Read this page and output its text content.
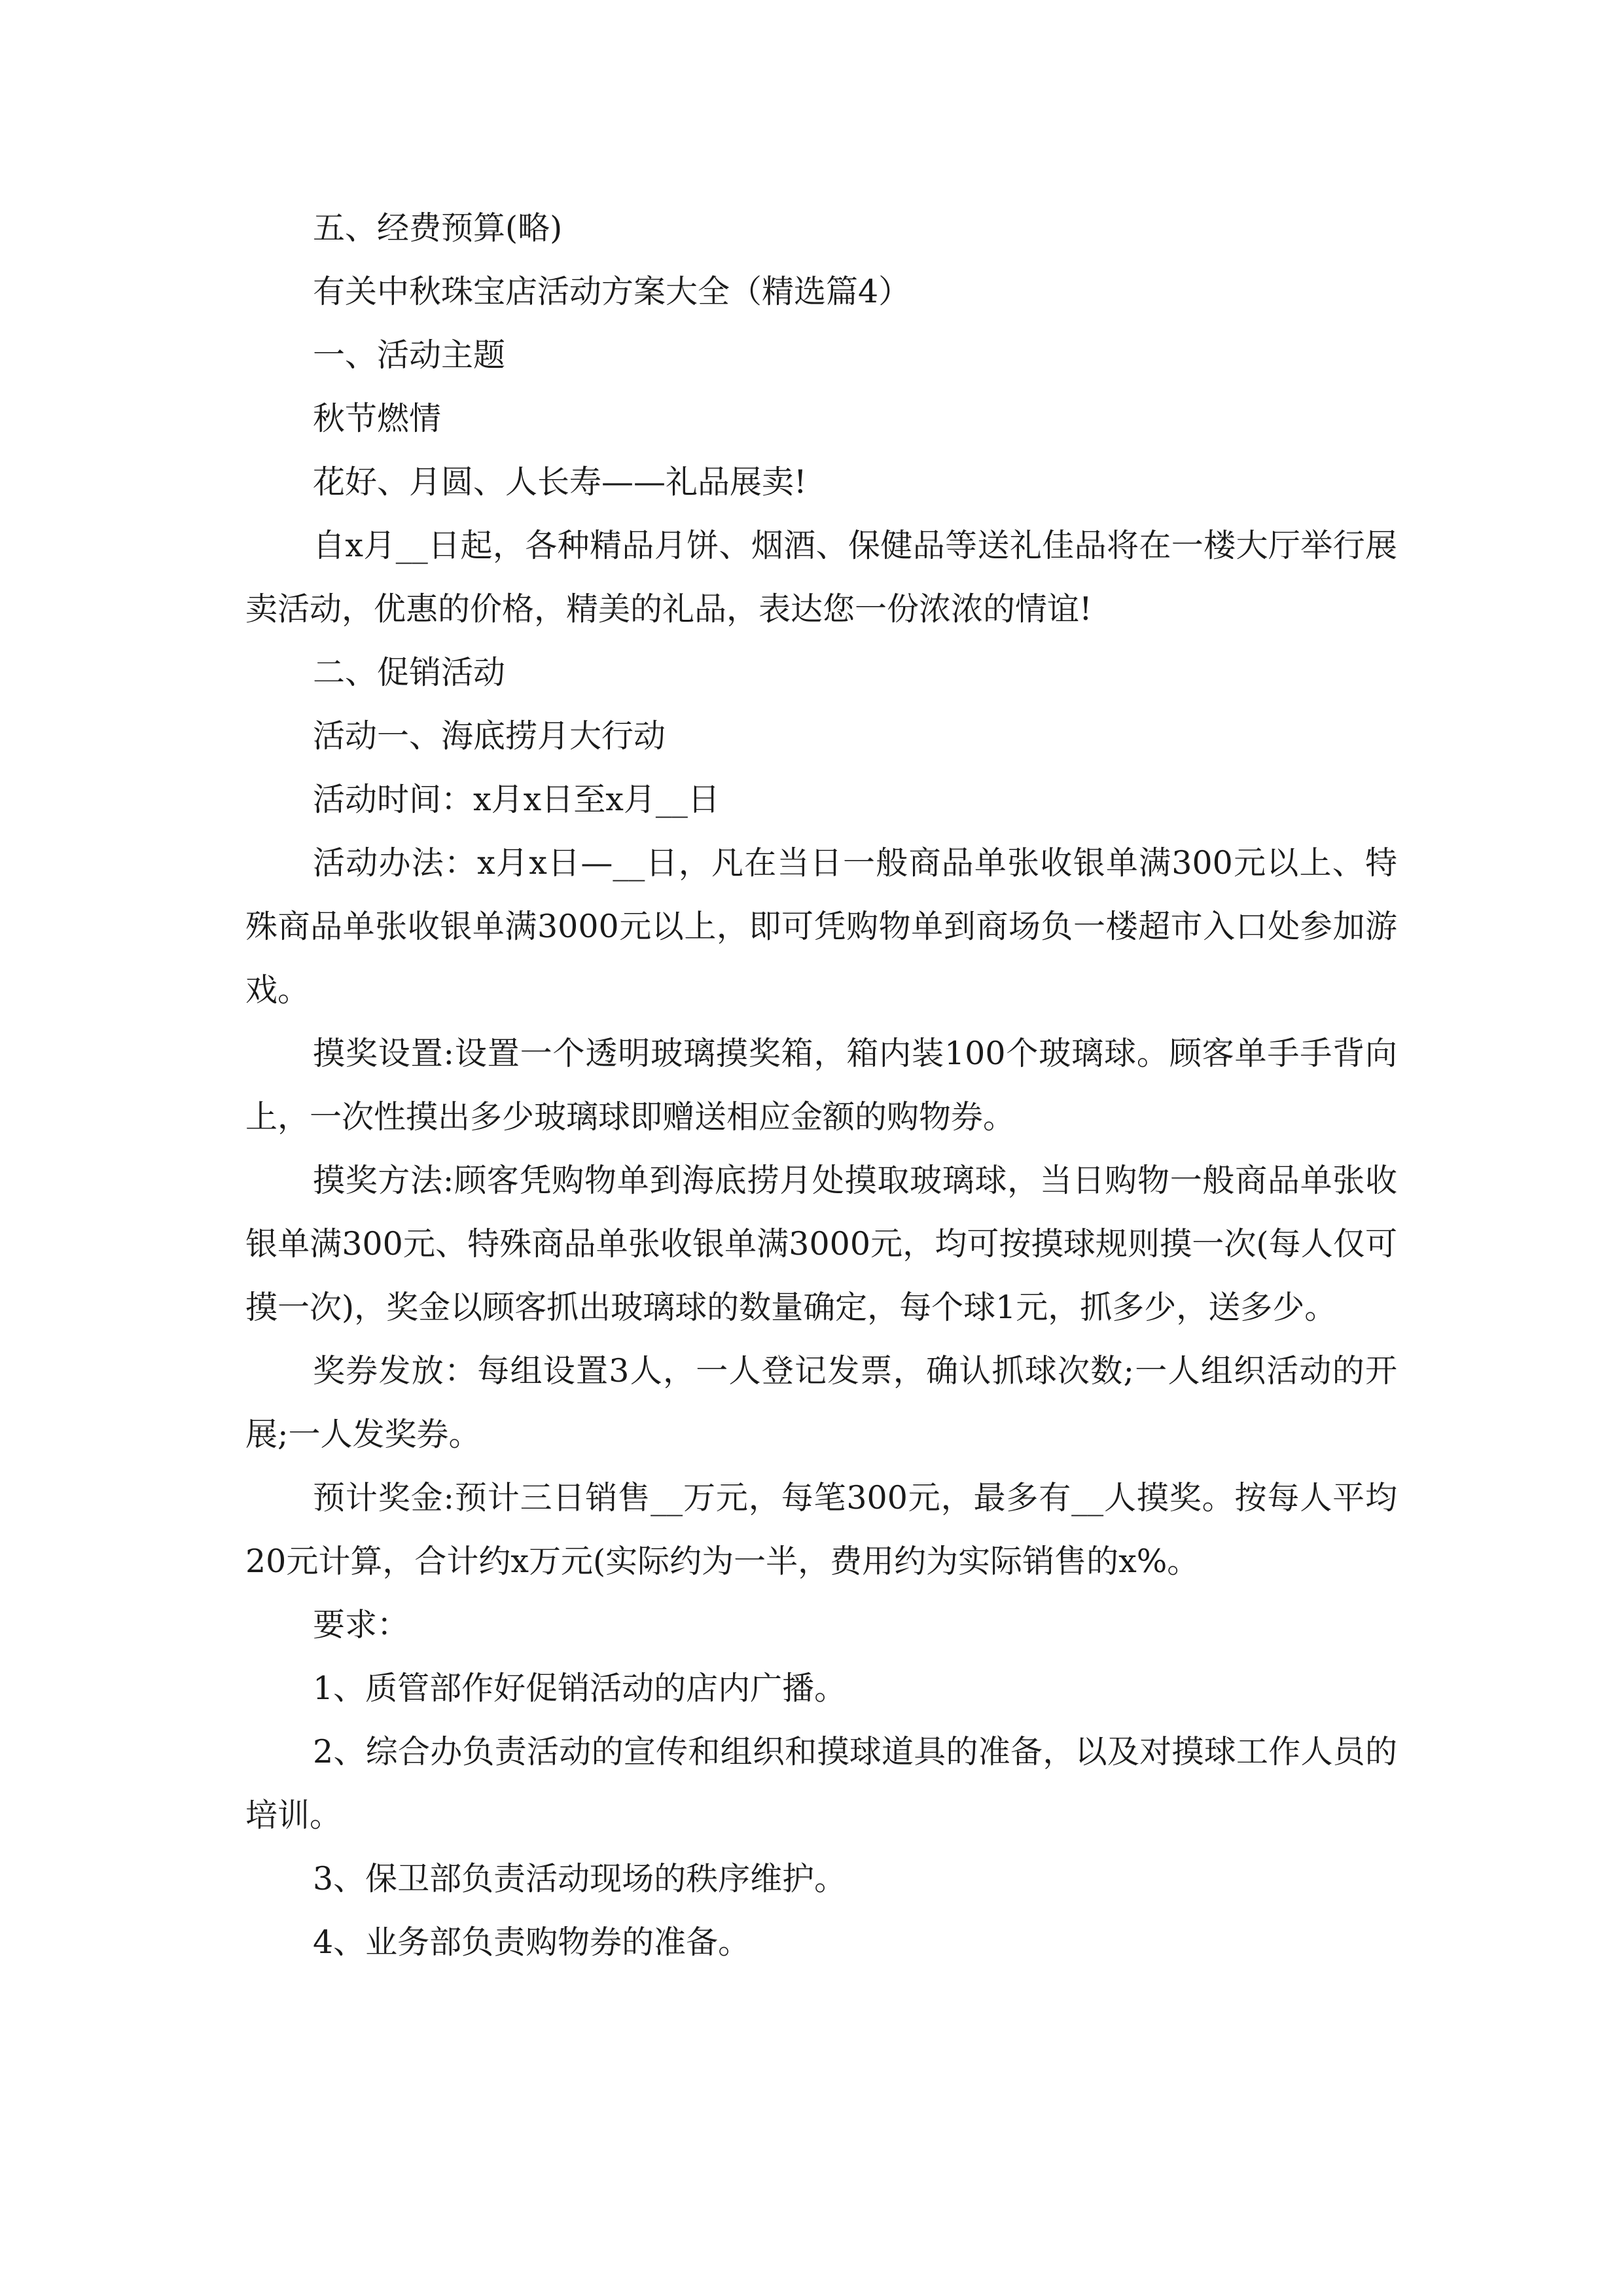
五、经费预算(略)

有关中秋珠宝店活动方案大全（精选篇4）

一、活动主题

秋节燃情

花好、月圆、人长寿——礼品展卖!

自x月__日起，各种精品月饼、烟酒、保健品等送礼佳品将在一楼大厅举行展卖活动，优惠的价格，精美的礼品，表达您一份浓浓的情谊!

二、促销活动

活动一、海底捞月大行动

活动时间：x月x日至x月__日

活动办法：x月x日—__日，凡在当日一般商品单张收银单满300元以上、特殊商品单张收银单满3000元以上，即可凭购物单到商场负一楼超市入口处参加游戏。

摸奖设置:设置一个透明玻璃摸奖箱，箱内装100个玻璃球。顾客单手手背向上，一次性摸出多少玻璃球即赠送相应金额的购物券。

摸奖方法:顾客凭购物单到海底捞月处摸取玻璃球，当日购物一般商品单张收银单满300元、特殊商品单张收银单满3000元，均可按摸球规则摸一次(每人仅可摸一次)，奖金以顾客抓出玻璃球的数量确定，每个球1元，抓多少，送多少。

奖券发放：每组设置3人，一人登记发票，确认抓球次数;一人组织活动的开展;一人发奖券。

预计奖金:预计三日销售__万元，每笔300元，最多有__人摸奖。按每人平均20元计算，合计约x万元(实际约为一半，费用约为实际销售的x%。

要求：

1、质管部作好促销活动的店内广播。

2、综合办负责活动的宣传和组织和摸球道具的准备，以及对摸球工作人员的培训。

3、保卫部负责活动现场的秩序维护。

4、业务部负责购物券的准备。
